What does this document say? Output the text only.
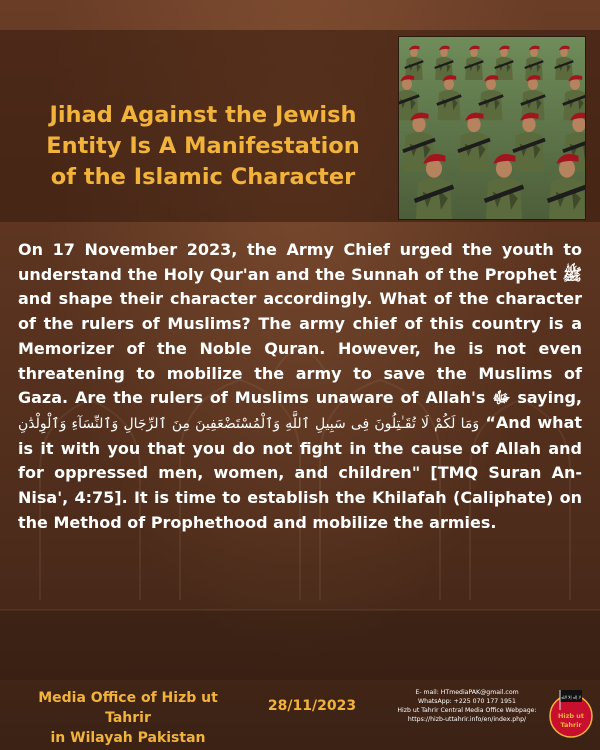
Jihad Against the Jewish
Entity Is A Manifestation
of the Islamic Character

On 17 November 2023, the Army Chief urged the youth to understand the Holy Qur'an and the Sunnah of the Prophet ﷺ and shape their character accordingly. What of the character of the rulers of Muslims? The army chief of this country is a Memorizer of the Noble Quran. However, he is not even threatening to mobilize the army to save the Muslims of Gaza. Are the rulers of Muslims unaware of Allah's ﷻ saying, وَمَا لَكُمْ لَا تُقَـٰتِلُونَ فِى سَبِيلِ ٱللَّهِ وَٱلْمُسْتَضْعَفِينَ مِنَ ٱلرِّجَالِ وَٱلنِّسَآءِ وَٱلْوِلْدَٰنِ “And what is it with you that you do not fight in the cause of Allah and for oppressed men, women, and children" [TMQ Suran An-Nisa', 4:75]. It is time to establish the Khilafah (Caliphate) on the Method of Prophethood and mobilize the armies.

Media Office of Hizb ut Tahrir
in Wilayah Pakistan

28/11/2023
E- mail: HTmediaPAK@gmail.com
WhatsApp: +225 070 177 1951
Hizb ut Tahrir Central Media Office Webpage:
https://hizb-uttahrir.info/en/index.php/
لا إله إلا الله
Hizb ut
Tahrir
